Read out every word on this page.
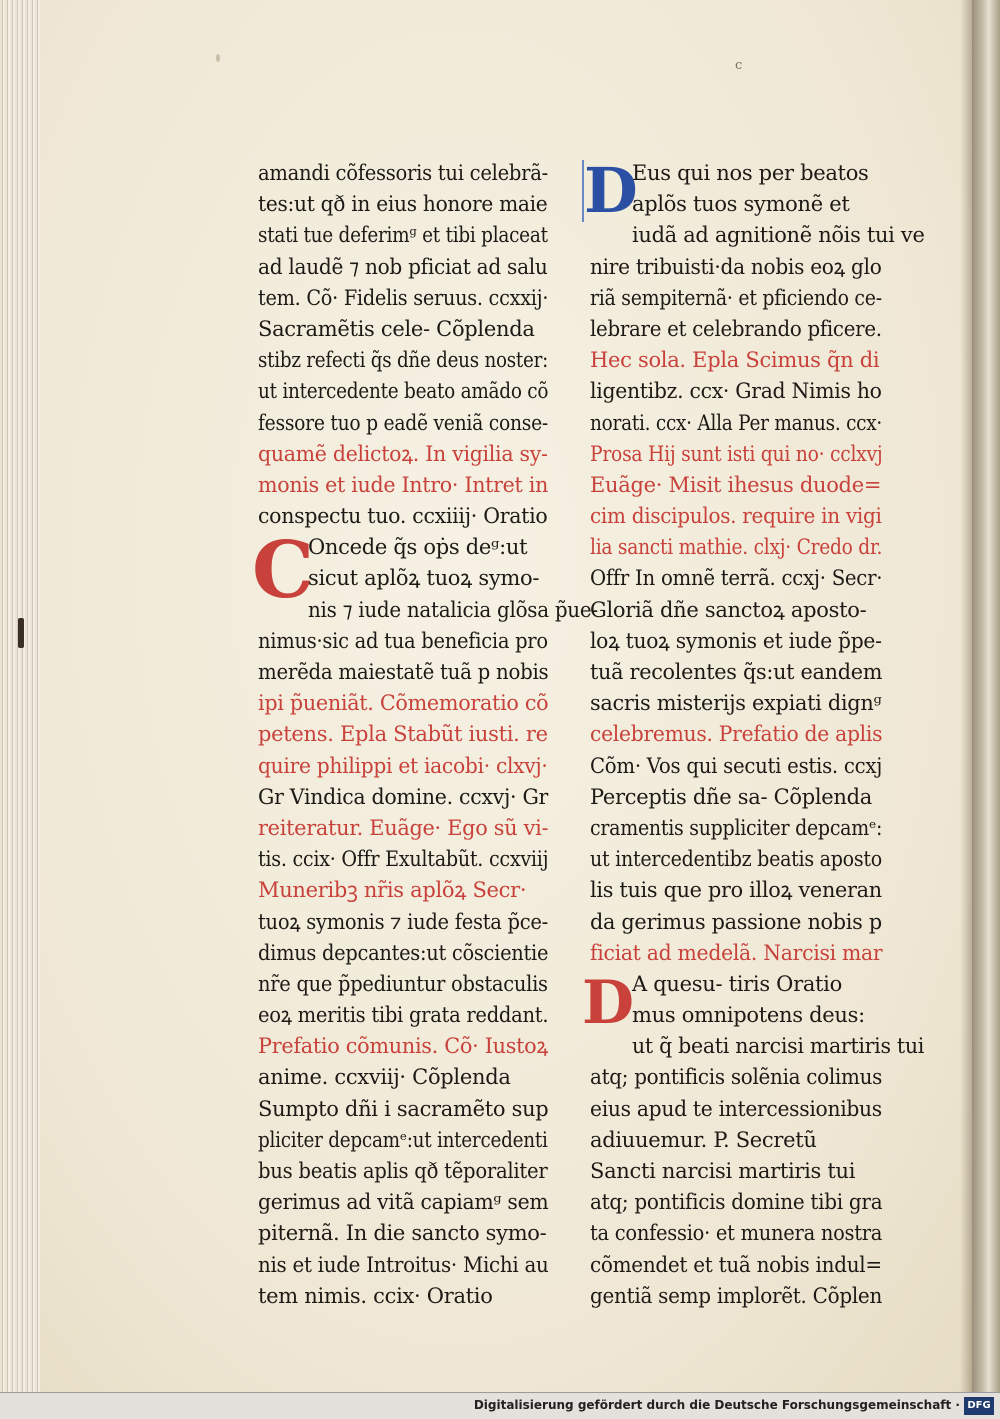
c
amandi cõfessoris tui celebrã-
tes:ut qð in eius honore maie
stati tue deferimᵍ et tibi placeat
ad laudẽ ⁊ nob pficiat ad salu
tem. Cõ· Fidelis seruus. ccxxij·
Sacramẽtis cele- Cõplenda
stibz refecti q̃s dñe deus noster:
ut intercedente beato amãdo cõ
fessore tuo p eadẽ veniã conse-
quamẽ delictoꝝ. In vigilia sy-
monis et iude Intro· Intret in
conspectu tuo. ccxiiij· Oratio
C
Oncede q̃s oṗs deᵍ:ut
sicut aplõꝝ tuoꝝ symo-
nis ⁊ iude natalicia glõsa p̃ue-
nimus·sic ad tua beneficia pro
merẽda maiestatẽ tuã p nobis
ipi p̃ueniãt. Cõmemoratio cõ
petens. Epla Stabũt iusti. re
quire philippi et iacobi· clxvj·
Gr Vindica domine. ccxvj· Gr
reiteratur. Euãge· Ego sũ vi-
tis. ccix· Offr Exultabũt. ccxviij
Muneribꝫ nr̃is aplõꝝ Secr·
tuoꝝ symonis ⁊ iude festa p̃ce-
dimus depcantes:ut cõscientie
nr̃e que p̃pediuntur obstaculis
eoꝝ meritis tibi grata reddant.
Prefatio cõmunis. Cõ· Iustoꝝ
anime. ccxviij· Cõplenda
Sumpto dñi i sacramẽto sup
pliciter depcamᵉ:ut intercedenti
bus beatis aplis qð tẽporaliter
gerimus ad vitã capiamᵍ sem
piternã. In die sancto symo-
nis et iude Introitus· Michi au
tem nimis. ccix· Oratio
D
Eus qui nos per beatos
aplõs tuos symonẽ et
iudã ad agnitionẽ nõis tui ve
nire tribuisti·da nobis eoꝝ glo
riã sempiternã· et pficiendo ce-
lebrare et celebrando pficere.
Hec sola. Epla Scimus q̃n di
ligentibz. ccx· Grad Nimis ho
norati. ccx· Alla Per manus. ccx·
Prosa Hij sunt isti qui no· cclxvj
Euãge· Misit ihesus duode=
cim discipulos. require in vigi
lia sancti mathie. clxj· Credo dr.
Offr In omnẽ terrã. ccxj· Secr·
Gloriã dñe sanctoꝝ aposto-
loꝝ tuoꝝ symonis et iude p̃pe-
tuã recolentes q̃s:ut eandem
sacris misterijs expiati dignᵍ
celebremus. Prefatio de aplis
Cõm· Vos qui secuti estis. ccxj
Perceptis dñe sa- Cõplenda
cramentis suppliciter depcamᵉ:
ut intercedentibz beatis aposto
lis tuis que pro illoꝝ veneran
da gerimus passione nobis p
ficiat ad medelã. Narcisi mar
D
A quesu- tiris Oratio
mus omnipotens deus:
ut q̃ beati narcisi martiris tui
atq; pontificis solẽnia colimus
eius apud te intercessionibus
adiuuemur. P. Secretũ
Sancti narcisi martiris tui
atq; pontificis domine tibi gra
ta confessio· et munera nostra
cõmendet et tuã nobis indul=
gentiã semp implorẽt. Cõplen
Digitalisierung gefördert durch die Deutsche Forschungsgemeinschaft · DFG
